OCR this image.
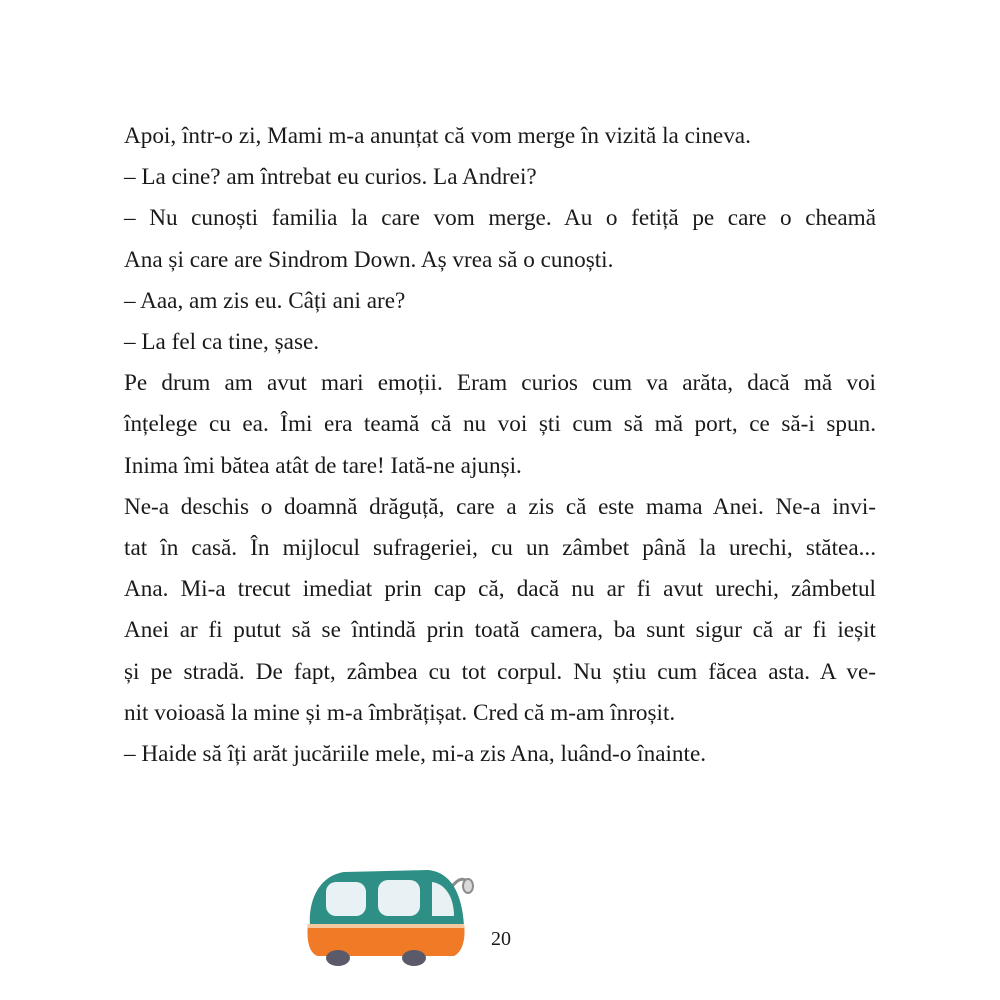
Apoi, într-o zi, Mami m-a anunțat că vom merge în vizită la cineva.
– La cine? am întrebat eu curios. La Andrei?
– Nu cunoști familia la care vom merge. Au o fetiță pe care o cheamă
Ana și care are Sindrom Down. Aș vrea să o cunoști.
– Aaa, am zis eu. Câți ani are?
– La fel ca tine, șase.
Pe drum am avut mari emoții. Eram curios cum va arăta, dacă mă voi
înțelege cu ea. Îmi era teamă că nu voi ști cum să mă port, ce să-i spun.
Inima îmi bătea atât de tare! Iată-ne ajunși.
Ne-a deschis o doamnă drăguță, care a zis că este mama Anei. Ne-a invi-
tat în casă. În mijlocul sufrageriei, cu un zâmbet până la urechi, stătea...
Ana. Mi-a trecut imediat prin cap că, dacă nu ar fi avut urechi, zâmbetul
Anei ar fi putut să se întindă prin toată camera, ba sunt sigur că ar fi ieșit
și pe stradă. De fapt, zâmbea cu tot corpul. Nu știu cum făcea asta. A ve-
nit voioasă la mine și m-a îmbrățișat. Cred că m-am înroșit.
– Haide să îți arăt jucăriile mele, mi-a zis Ana, luând-o înainte.
20
